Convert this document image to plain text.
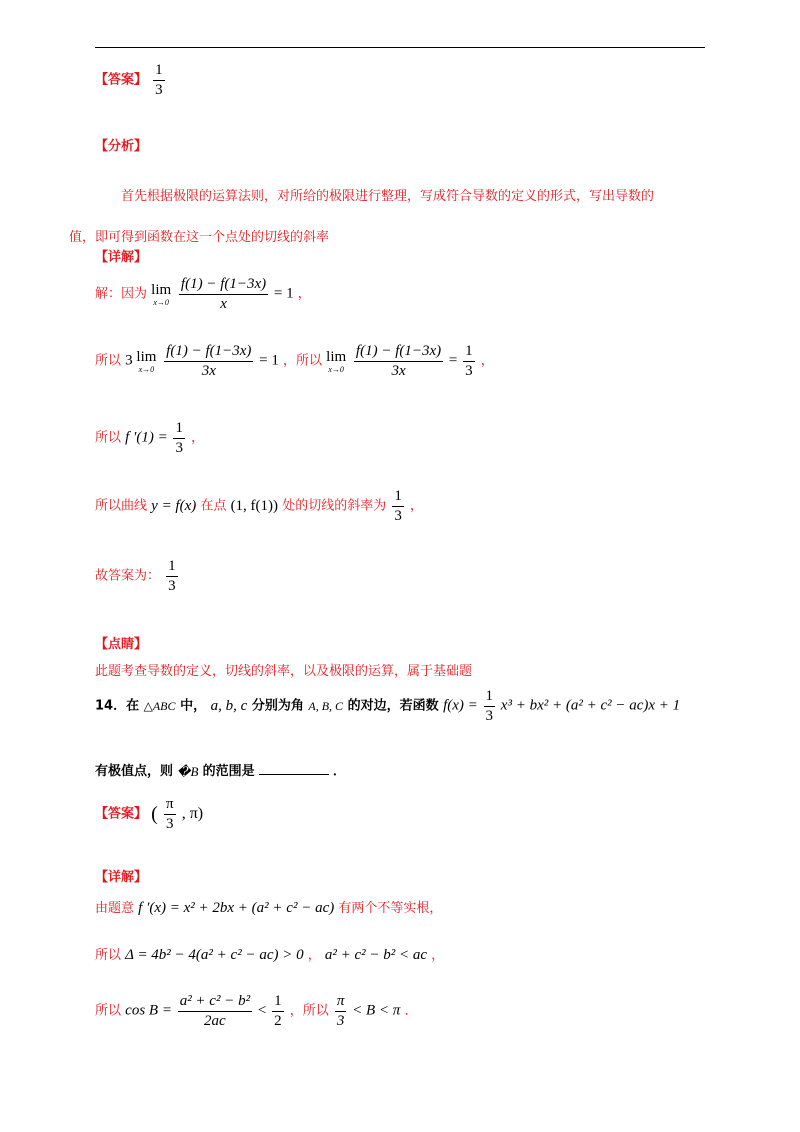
【答案】 $\frac{1}{3}$
【分析】
首先根据极限的运算法则，对所给的极限进行整理，写成符合导数的定义的形式，写出导数的
值，即可得到函数在这一个点处的切线的斜率
【详解】
解：因为 lim
x→0
$\frac{f(1) - f(1-3x)}{x} = 1$ ，
所以 3 lim
x→0
$\frac{f(1) - f(1-3x)}{3x} = 1$ ，所以 lim
x→0
$\frac{f(1) - f(1-3x)}{3x} = \frac{1}{3}$ ，
所以 f $'(1) = \frac{1}{3}$ ，
所以曲线 y = f(x) 在点 (1, f(1)) 处的切线的斜率为 $\frac{1}{3}$ ，
故答案为： $\frac{1}{3}$
【点睛】
此题考查导数的定义，切线的斜率，以及极限的运算，属于基础题
14．在 △ABC 中， a, b, c 分别为角 A, B, C 的对边，若函数 $f(x) = \frac{1}{3} x^3 + bx^2 + (a^2 + c^2 - ac)x + 1$
有极值点，则 �B 的范围是	．
【答案】 ( $\frac{\pi}{3}$ , π)
【详解】
由题意 f ′(x) = x² + 2bx + (a² + c² − ac) 有两个不等实根，
所以 Δ = 4b² − 4(a² + c² − ac) > 0 ， a² + c² − b² < ac ，
所以 $\cos B = \frac{\text{a² + c² − b²}}{2ac} < \frac{1}{2}$ ，所以 $\frac{\pi}{3} < B < \pi$ ．
